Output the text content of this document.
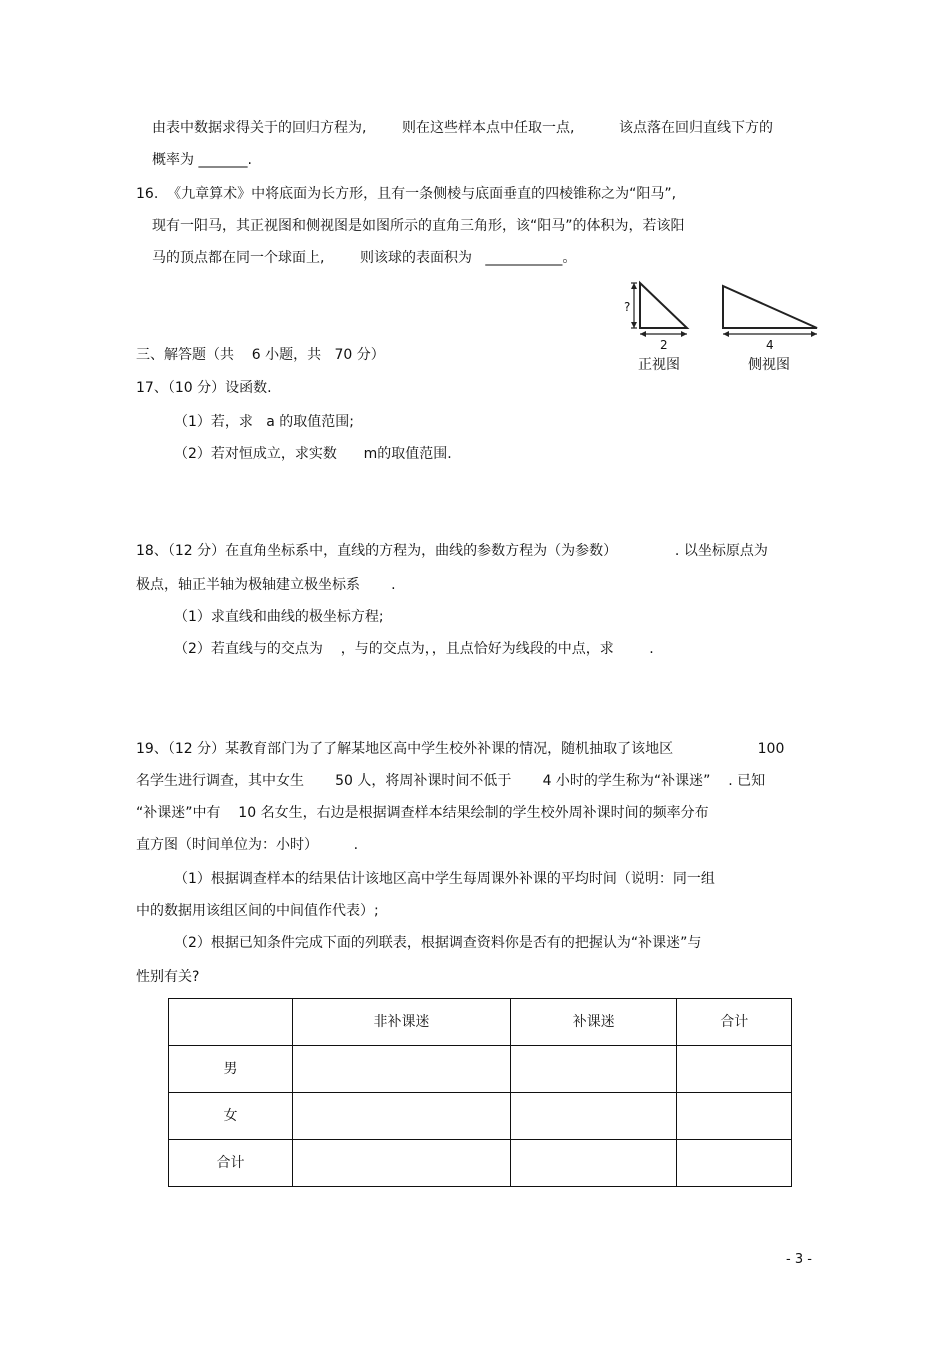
由表中数据求得关于的回归方程为,        则在这些样本点中任取一点,          该点落在回归直线下方的
概率为 _______.
16.  《九章算术》中将底面为长方形，且有一条侧棱与底面垂直的四棱锥称之为“阳马”,
现有一阳马，其正视图和侧视图是如图所示的直角三角形，该“阳马”的体积为，若该阳
马的顶点都在同一个球面上,        则该球的表面积为   ___________。
?
2
正视图
4
侧视图
三、解答题（共    6 小题，共   70 分）
17、（10 分）设函数.
（1）若，求   a 的取值范围;
（2）若对恒成立，求实数      m的取值范围.
18、（12 分）在直角坐标系中，直线的方程为，曲线的参数方程为（为参数）             . 以坐标原点为
极点，轴正半轴为极轴建立极坐标系       .
（1）求直线和曲线的极坐标方程;
（2）若直线与的交点为    ，与的交点为，，且点恰好为线段的中点，求        .
19、（12 分）某教育部门为了了解某地区高中学生校外补课的情况，随机抽取了该地区                   100
名学生进行调查，其中女生       50 人，将周补课时间不低于       4 小时的学生称为“补课迷”    . 已知
“补课迷”中有    10 名女生，右边是根据调查样本结果绘制的学生校外周补课时间的频率分布
直方图（时间单位为：小时）        .
（1）根据调查样本的结果估计该地区高中学生每周课外补课的平均时间（说明：同一组
中的数据用该组区间的中间值作代表）;
（2）根据已知条件完成下面的列联表，根据调查资料你是否有的把握认为“补课迷”与
性别有关?
	非补课迷	补课迷	合计
男			
女			
合计			
- 3 -
